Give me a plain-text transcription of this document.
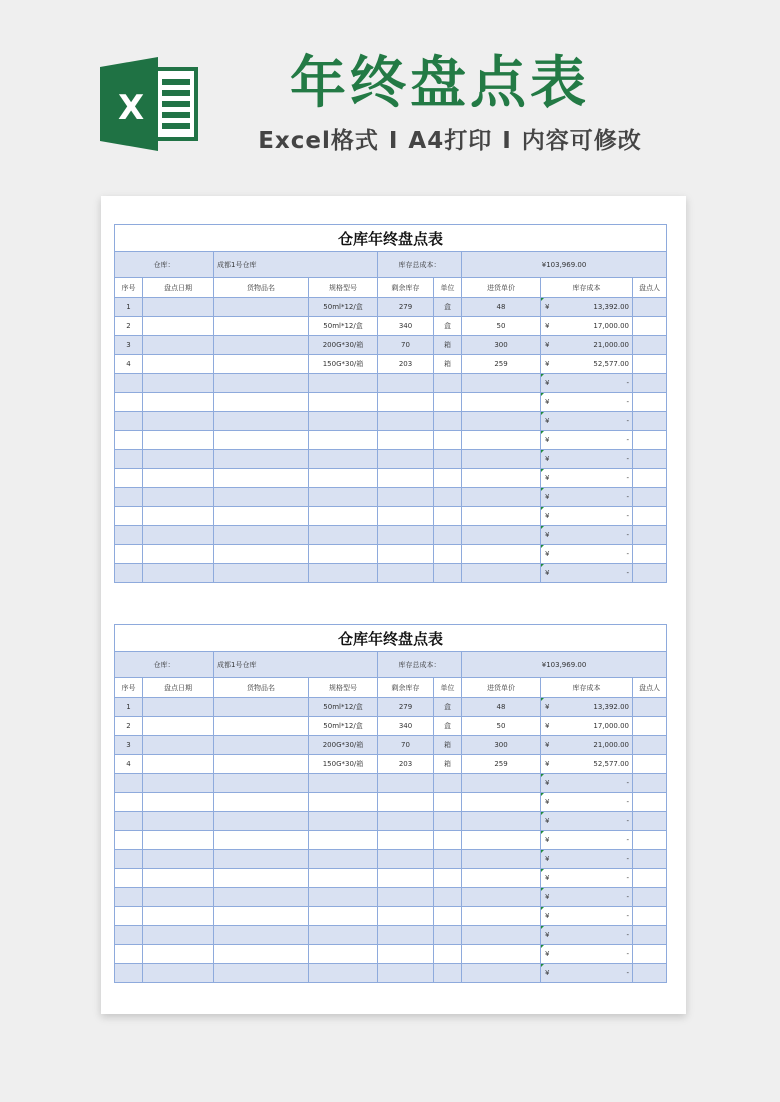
X	年终盘点表
Excel格式 I A4打印 I 内容可修改
仓库年终盘点表								
仓库：		成都1号仓库		库存总成本：		¥103,969.00		
序号	盘点日期	货物品名	规格型号	剩余库存	单位	进货单价	库存成本	盘点人
1			50ml*12/盒	279	盒	48	¥ 13,392.00	
2			50ml*12/盒	340	盒	50	¥ 17,000.00	
3			200G*30/箱	70	箱	300	¥ 21,000.00	
4			150G*30/箱	203	箱	259	¥ 52,577.00	

							¥ -	

							¥ -	

							¥ -	

							¥ -	

							¥ -	

							¥ -	

							¥ -	

							¥ -	

							¥ -	

							¥ -	

							¥ -	
仓库年终盘点表								
仓库：		成都1号仓库		库存总成本：		¥103,969.00		
序号	盘点日期	货物品名	规格型号	剩余库存	单位	进货单价	库存成本	盘点人
1			50ml*12/盒	279	盒	48	¥ 13,392.00	
2			50ml*12/盒	340	盒	50	¥ 17,000.00	
3			200G*30/箱	70	箱	300	¥ 21,000.00	
4			150G*30/箱	203	箱	259	¥ 52,577.00	

							¥ -	

							¥ -	

							¥ -	

							¥ -	

							¥ -	

							¥ -	

							¥ -	

							¥ -	

							¥ -	

							¥ -	

							¥ -	
